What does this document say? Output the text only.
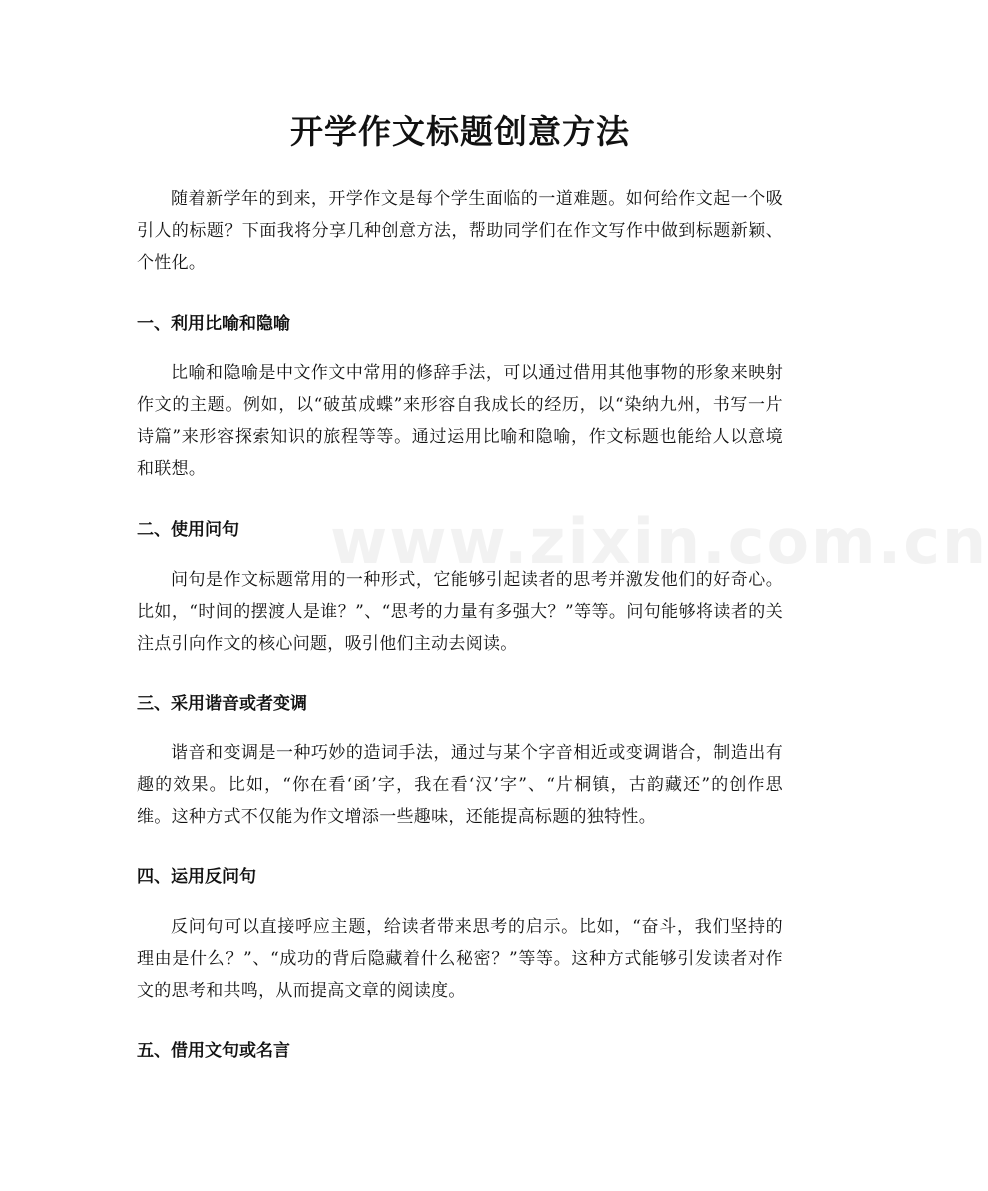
www.zixin.com.cn
开学作文标题创意方法

随着新学年的到来，开学作文是每个学生面临的一道难题。如何给作文起一个吸引人的标题？下面我将分享几种创意方法，帮助同学们在作文写作中做到标题新颖、个性化。

一、利用比喻和隐喻

比喻和隐喻是中文作文中常用的修辞手法，可以通过借用其他事物的形象来映射作文的主题。例如，以“破茧成蝶”来形容自我成长的经历，以“染纳九州，书写一片诗篇”来形容探索知识的旅程等等。通过运用比喻和隐喻，作文标题也能给人以意境和联想。

二、使用问句

问句是作文标题常用的一种形式，它能够引起读者的思考并激发他们的好奇心。比如，“时间的摆渡人是谁？”、“思考的力量有多强大？”等等。问句能够将读者的关注点引向作文的核心问题，吸引他们主动去阅读。

三、采用谐音或者变调

谐音和变调是一种巧妙的造词手法，通过与某个字音相近或变调谐合，制造出有趣的效果。比如，“你在看‘函’字，我在看‘汉’字”、“片桐镇，古韵藏还”的创作思维。这种方式不仅能为作文增添一些趣味，还能提高标题的独特性。

四、运用反问句

反问句可以直接呼应主题，给读者带来思考的启示。比如，“奋斗，我们坚持的理由是什么？”、“成功的背后隐藏着什么秘密？”等等。这种方式能够引发读者对作文的思考和共鸣，从而提高文章的阅读度。

五、借用文句或名言
